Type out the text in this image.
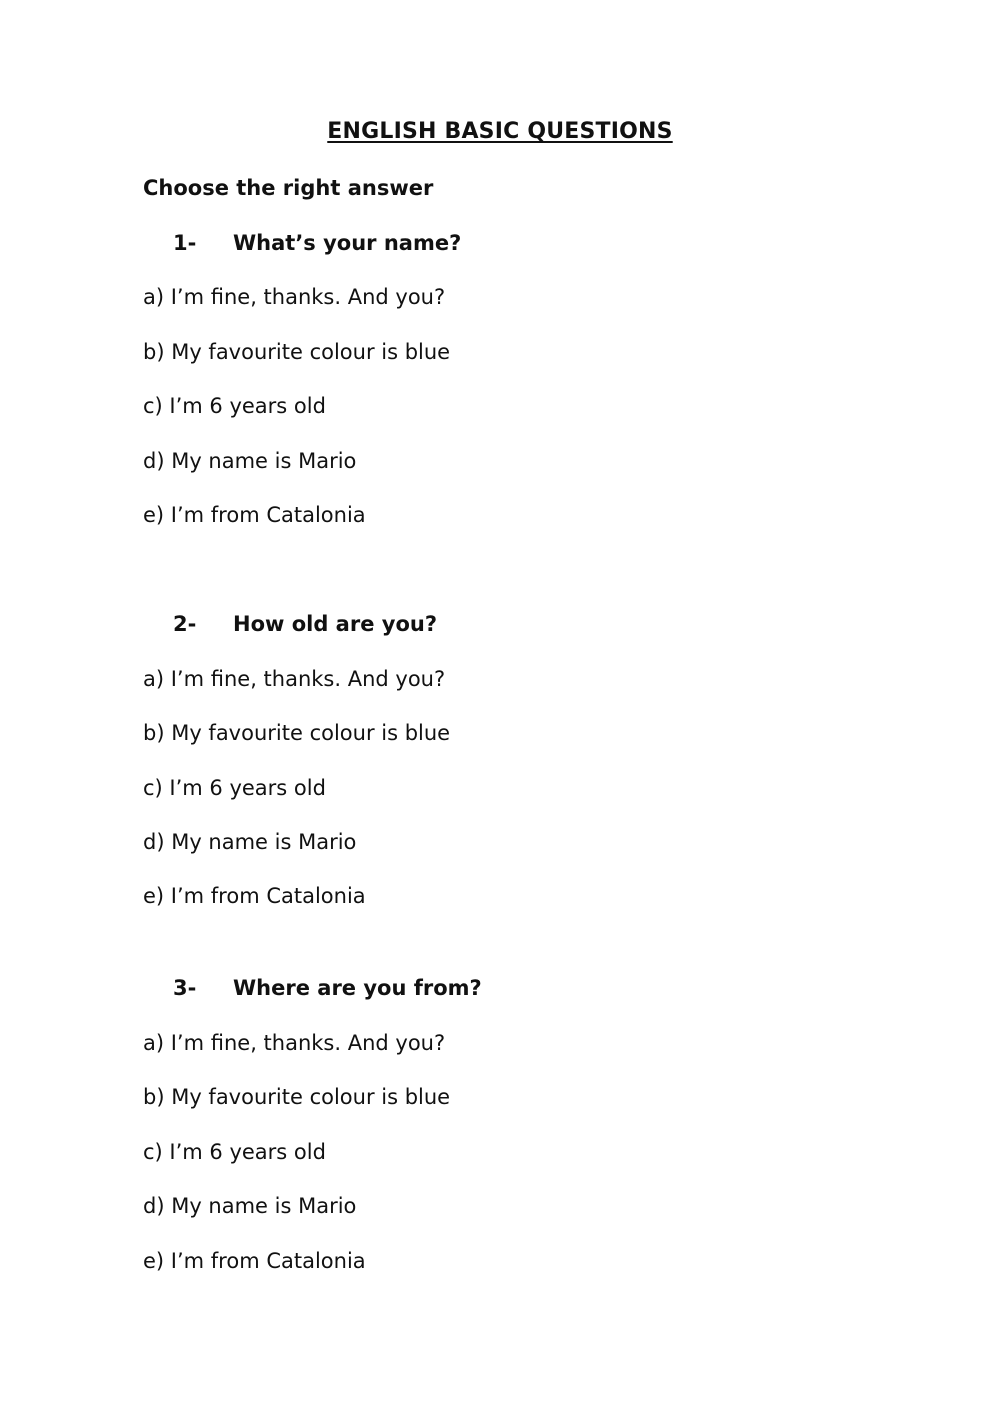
ENGLISH BASIC QUESTIONS
Choose the right answer
1- What’s your name?
a) I’m fine, thanks. And you?
b) My favourite colour is blue
c) I’m 6 years old
d) My name is Mario
e) I’m from Catalonia
2- How old are you?
a) I’m fine, thanks. And you?
b) My favourite colour is blue
c) I’m 6 years old
d) My name is Mario
e) I’m from Catalonia
3- Where are you from?
a) I’m fine, thanks. And you?
b) My favourite colour is blue
c) I’m 6 years old
d) My name is Mario
e) I’m from Catalonia
